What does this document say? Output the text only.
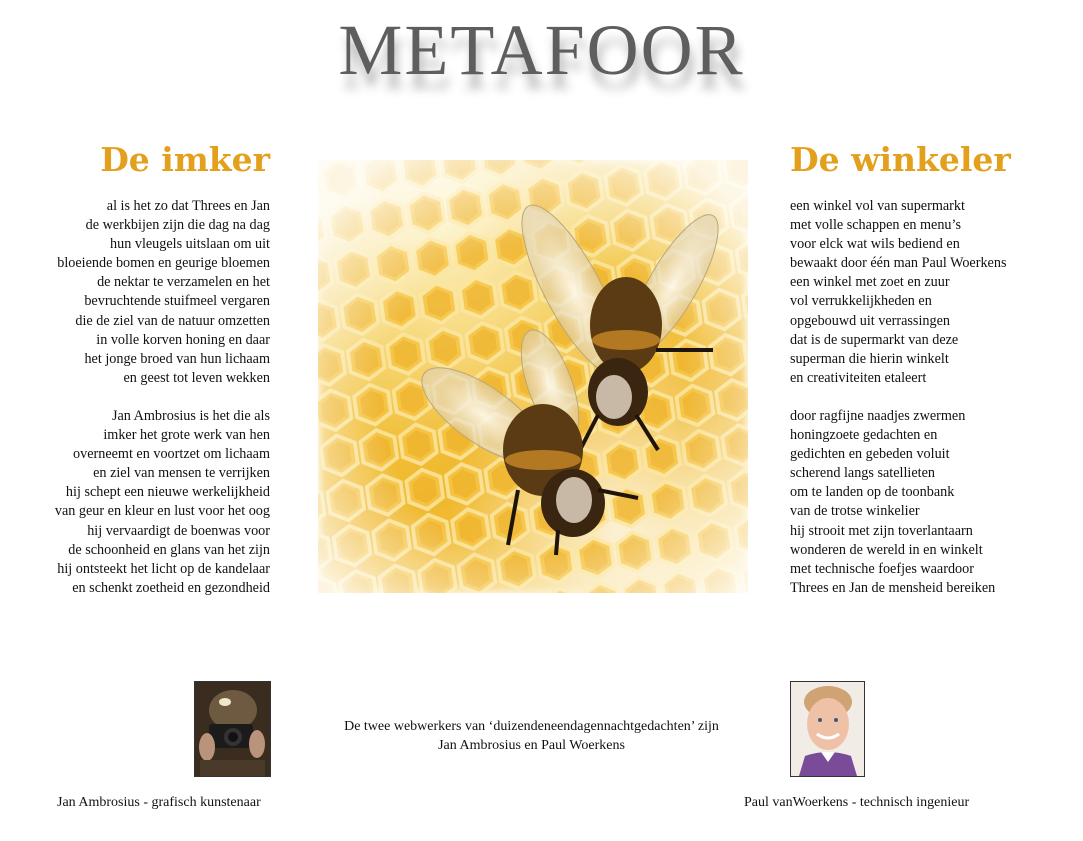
METAFOOR
De imker	De winkeler
al is het zo dat Threes en Jan
de werkbijen zijn die dag na dag
hun vleugels uitslaan om uit
bloeiende bomen en geurige bloemen
de nektar te verzamelen en het
bevruchtende stuifmeel vergaren
die de ziel van de natuur omzetten
in volle korven honing en daar
het jonge broed van hun lichaam
en geest tot leven wekken
Jan Ambrosius is het die als
imker het grote werk van hen
overneemt en voortzet om lichaam
en ziel van mensen te verrijken
hij schept een nieuwe werkelijkheid
van geur en kleur en lust voor het oog
hij vervaardigt de boenwas voor
de schoonheid en glans van het zijn
hij ontsteekt het licht op de kandelaar
en schenkt zoetheid en gezondheid
een winkel vol van supermarkt
met volle schappen en menu’s
voor elck wat wils bediend en
bewaakt door één man Paul Woerkens
een winkel met zoet en zuur
vol verrukkelijkheden en
opgebouwd uit verrassingen
dat is de supermarkt van deze
superman die hierin winkelt
en creativiteiten etaleert
door ragfijne naadjes zwermen
honingzoete gedachten en
gedichten en gebeden voluit
scherend langs satellieten
om te landen op de toonbank
van de trotse winkelier
hij strooit met zijn toverlantaarn
wonderen de wereld in en winkelt
met technische foefjes waardoor
Threes en Jan de mensheid bereiken
De twee webwerkers van ‘duizendeneendagennachtgedachten’ zijn
Jan Ambrosius en Paul Woerkens
Jan Ambrosius - grafisch kunstenaar	Paul vanWoerkens - technisch ingenieur
